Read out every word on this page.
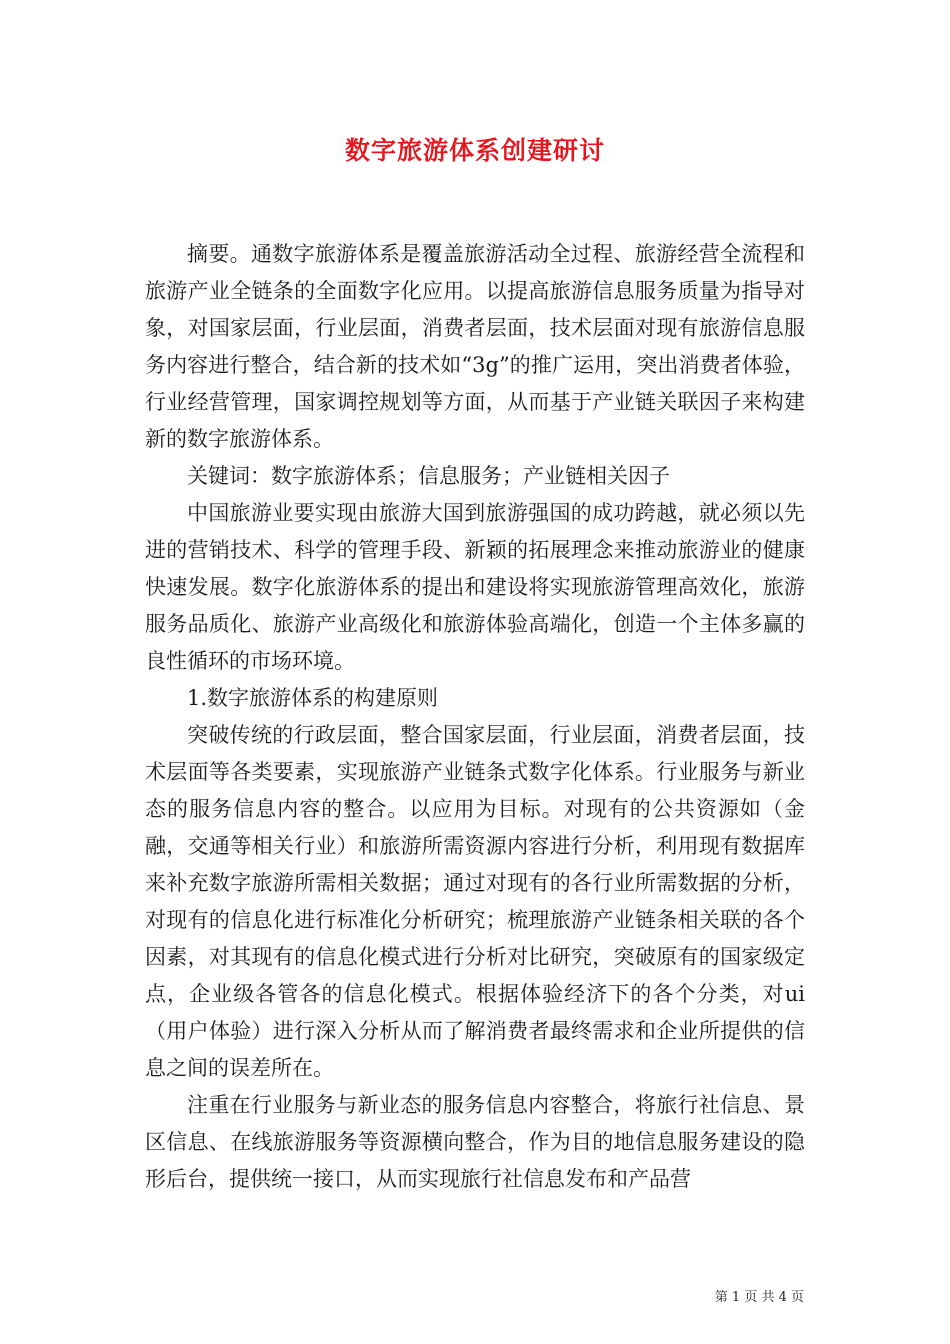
数字旅游体系创建研讨

摘要。通数字旅游体系是覆盖旅游活动全过程、旅游经营全流程和旅游产业全链条的全面数字化应用。以提高旅游信息服务质量为指导对象，对国家层面，行业层面，消费者层面，技术层面对现有旅游信息服务内容进行整合，结合新的技术如“3g”的推广运用，突出消费者体验，行业经营管理，国家调控规划等方面，从而基于产业链关联因子来构建新的数字旅游体系。

关键词：数字旅游体系；信息服务；产业链相关因子

中国旅游业要实现由旅游大国到旅游强国的成功跨越，就必须以先进的营销技术、科学的管理手段、新颖的拓展理念来推动旅游业的健康快速发展。数字化旅游体系的提出和建设将实现旅游管理高效化，旅游服务品质化、旅游产业高级化和旅游体验高端化，创造一个主体多赢的良性循环的市场环境。

1.数字旅游体系的构建原则

突破传统的行政层面，整合国家层面，行业层面，消费者层面，技术层面等各类要素，实现旅游产业链条式数字化体系。行业服务与新业态的服务信息内容的整合。以应用为目标。对现有的公共资源如（金融，交通等相关行业）和旅游所需资源内容进行分析，利用现有数据库来补充数字旅游所需相关数据；通过对现有的各行业所需数据的分析，对现有的信息化进行标准化分析研究；梳理旅游产业链条相关联的各个因素，对其现有的信息化模式进行分析对比研究，突破原有的国家级定点，企业级各管各的信息化模式。根据体验经济下的各个分类，对ui（用户体验）进行深入分析从而了解消费者最终需求和企业所提供的信息之间的误差所在。

注重在行业服务与新业态的服务信息内容整合，将旅行社信息、景区信息、在线旅游服务等资源横向整合，作为目的地信息服务建设的隐形后台，提供统一接口，从而实现旅行社信息发布和产品营

第 1 页 共 4 页
